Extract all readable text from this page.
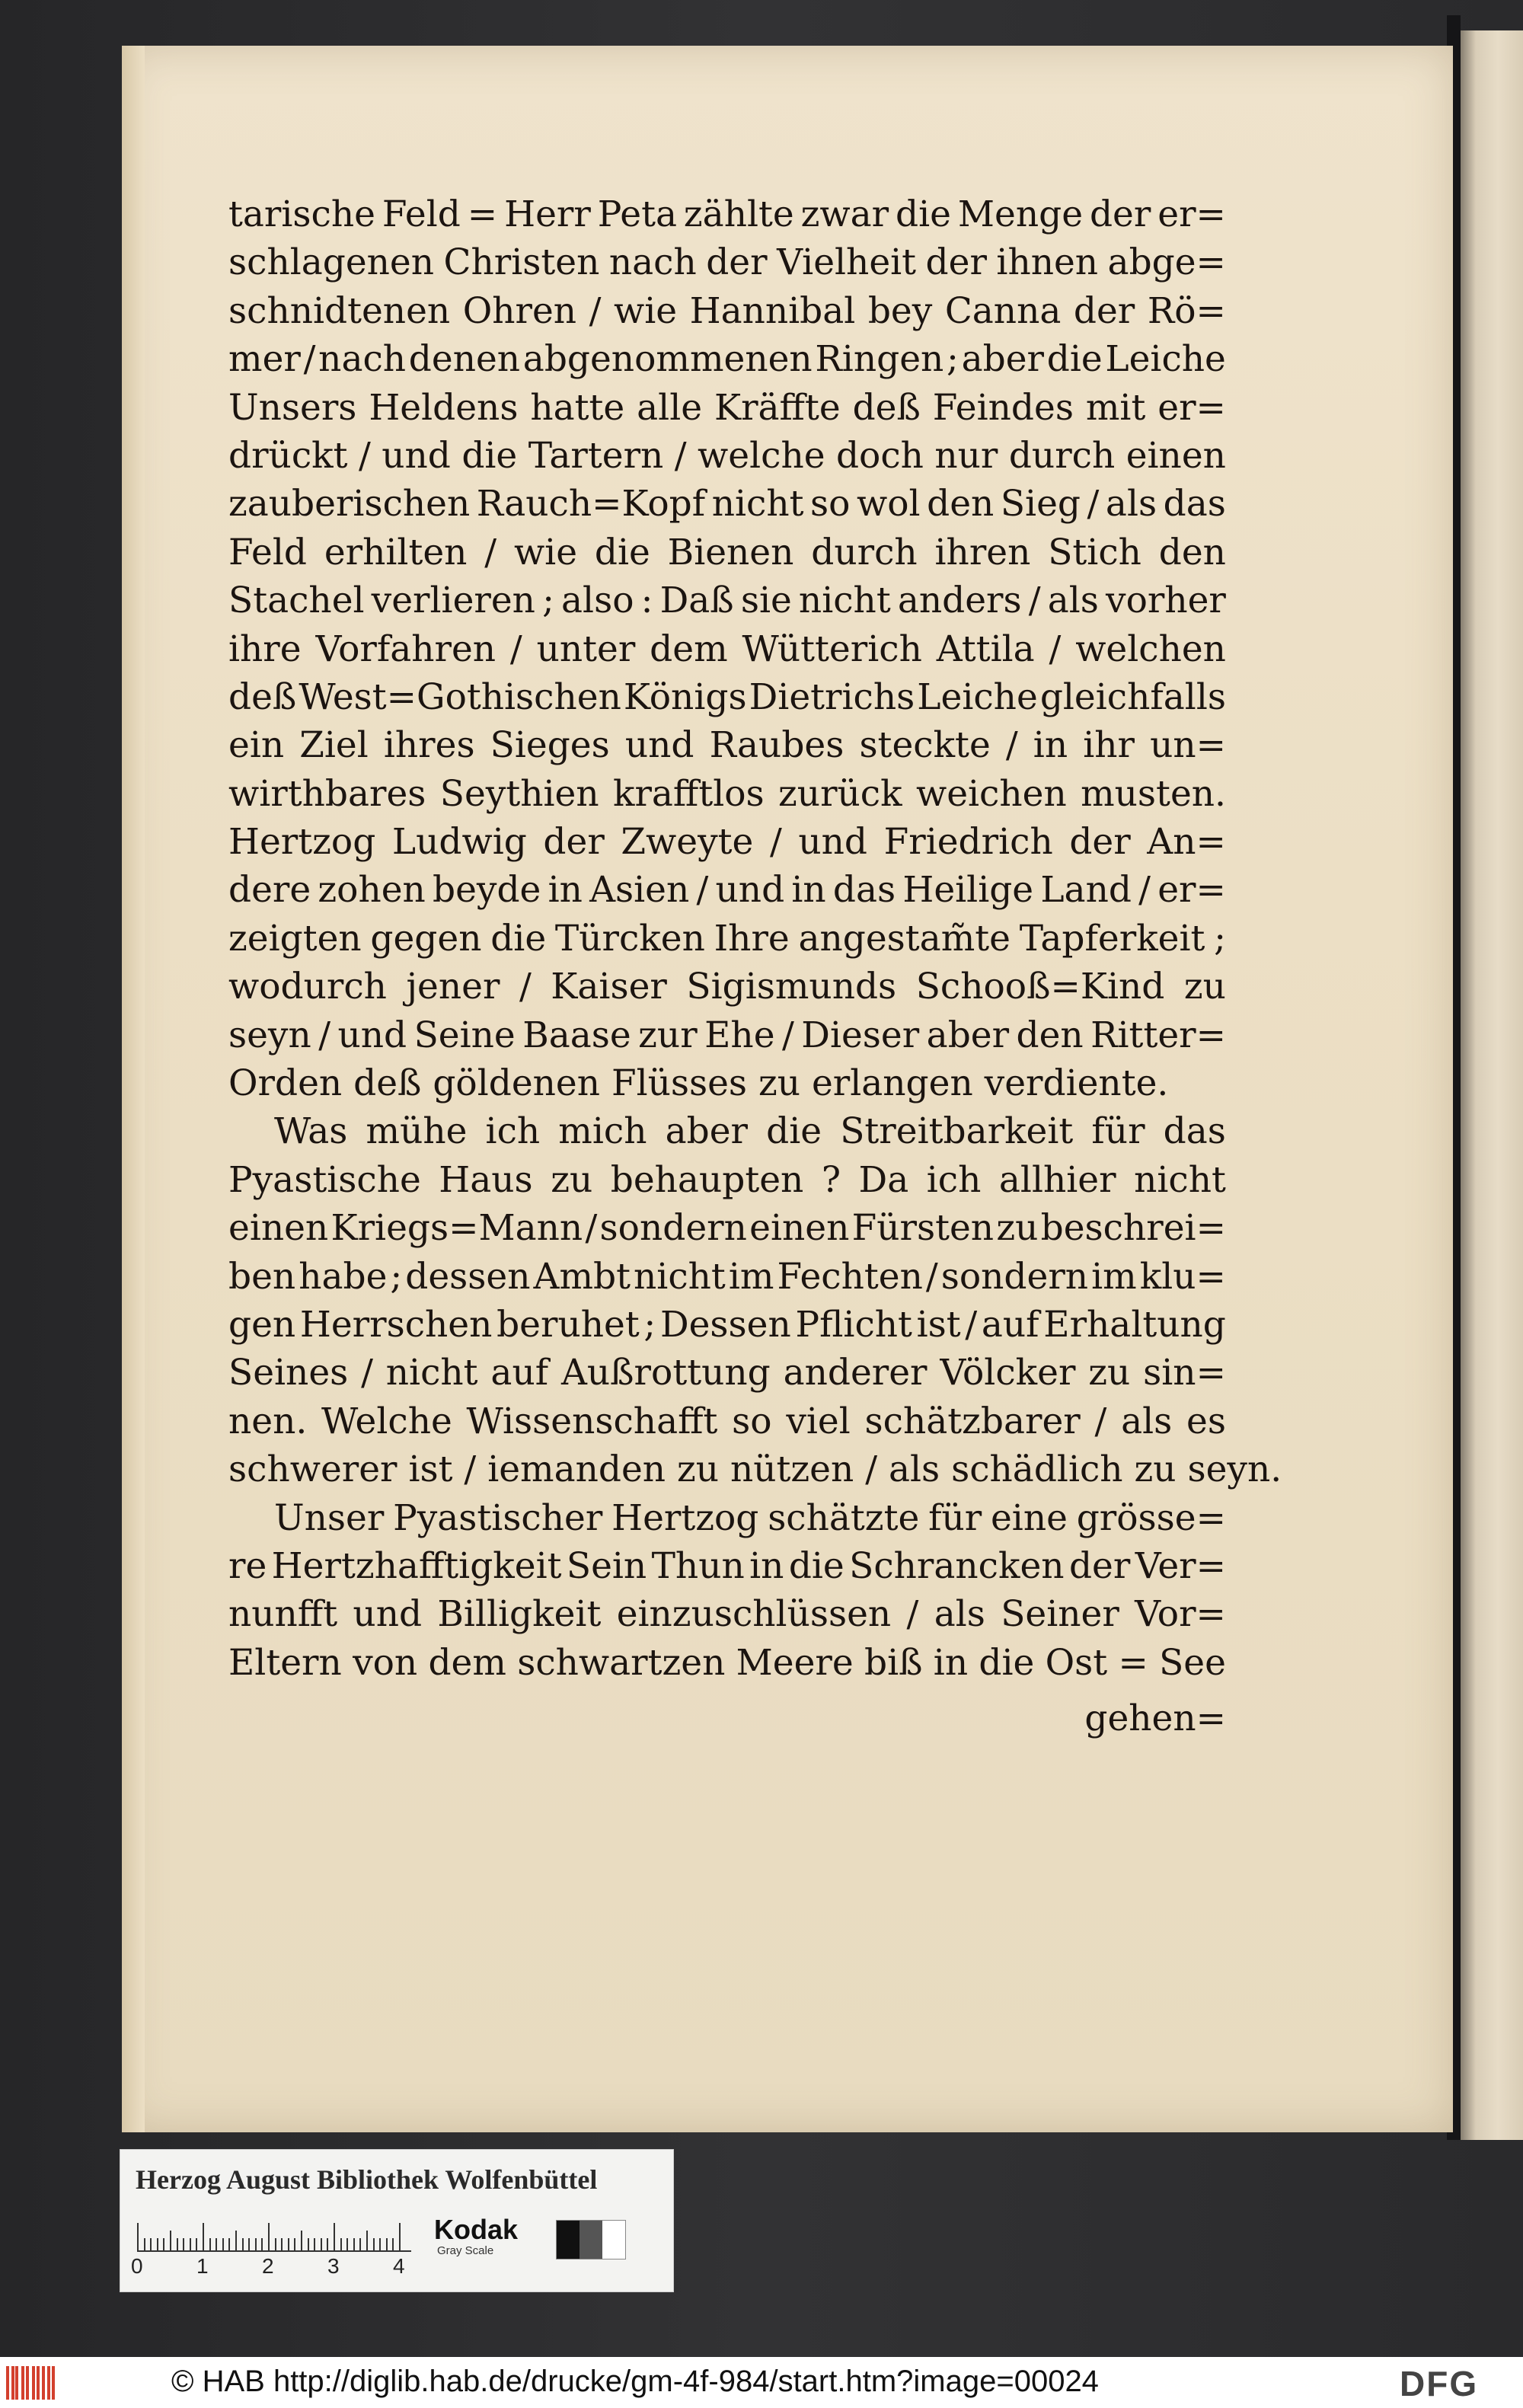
tarische Feld = Herr Peta zählte zwar die Menge der er=
schlagenen Christen nach der Vielheit der ihnen abge=
schnidtenen Ohren / wie Hannibal bey Canna der Rö=
mer / nach denen abgenommenen Ringen ; aber die Leiche
Unsers Heldens hatte alle Kräffte deß Feindes mit er=
drückt / und die Tartern / welche doch nur durch einen
zauberischen Rauch=Kopf nicht so wol den Sieg / als das
Feld erhilten / wie die Bienen durch ihren Stich den
Stachel verlieren ; also : Daß sie nicht anders / als vorher
ihre Vorfahren / unter dem Wütterich Attila / welchen
deß West=Gothischen Königs Dietrichs Leiche gleichfalls
ein Ziel ihres Sieges und Raubes steckte / in ihr un=
wirthbares Seythien krafftlos zurück weichen musten.
Hertzog Ludwig der Zweyte / und Friedrich der An=
dere zohen beyde in Asien / und in das Heilige Land / er=
zeigten gegen die Türcken Ihre angestam̃te Tapferkeit ;
wodurch jener / Kaiser Sigismunds Schooß=Kind zu
seyn / und Seine Baase zur Ehe / Dieser aber den Ritter=
Orden deß göldenen Flüsses zu erlangen verdiente.
Was mühe ich mich aber die Streitbarkeit für das
Pyastische Haus zu behaupten ? Da ich allhier nicht
einen Kriegs=Mann / sondern einen Fürsten zu beschrei=
ben habe ; dessen Ambt nicht im Fechten / sondern im klu=
gen Herrschen beruhet ; Dessen Pflicht ist / auf Erhaltung
Seines / nicht auf Außrottung anderer Völcker zu sin=
nen. Welche Wissenschafft so viel schätzbarer / als es
schwerer ist / iemanden zu nützen / als schädlich zu seyn.
Unser Pyastischer Hertzog schätzte für eine grösse=
re Hertzhafftigkeit Sein Thun in die Schrancken der Ver=
nunfft und Billigkeit einzuschlüssen / als Seiner Vor=
Eltern von dem schwartzen Meere biß in die Ost = See
gehen=
Herzog August Bibliothek Wolfenbüttel
0	1	2	3	4
Kodak
Gray Scale
© HAB http://diglib.hab.de/drucke/gm-4f-984/start.htm?image=00024	DFG
